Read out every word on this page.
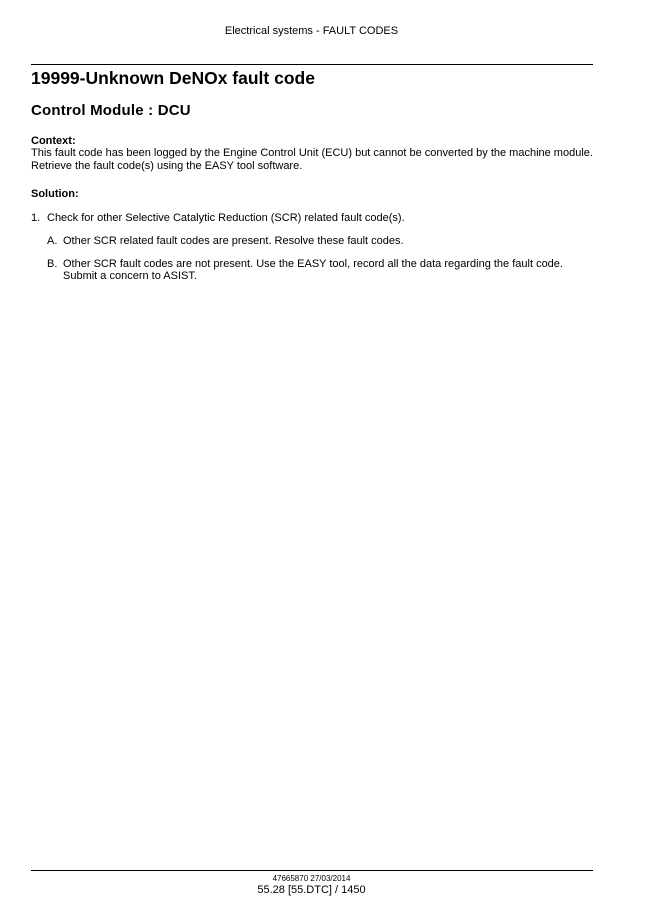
Electrical systems - FAULT CODES
19999-Unknown DeNOx fault code
Control Module : DCU

Context:

This fault code has been logged by the Engine Control Unit (ECU) but cannot be converted by the machine module.

Retrieve the fault code(s) using the EASY tool software.

Solution:

1. Check for other Selective Catalytic Reduction (SCR) related fault code(s).
A. Other SCR related fault codes are present. Resolve these fault codes.
B. Other SCR fault codes are not present. Use the EASY tool, record all the data regarding the fault code. Submit a concern to ASIST.

47665870 27/03/2014

55.28 [55.DTC] / 1450
